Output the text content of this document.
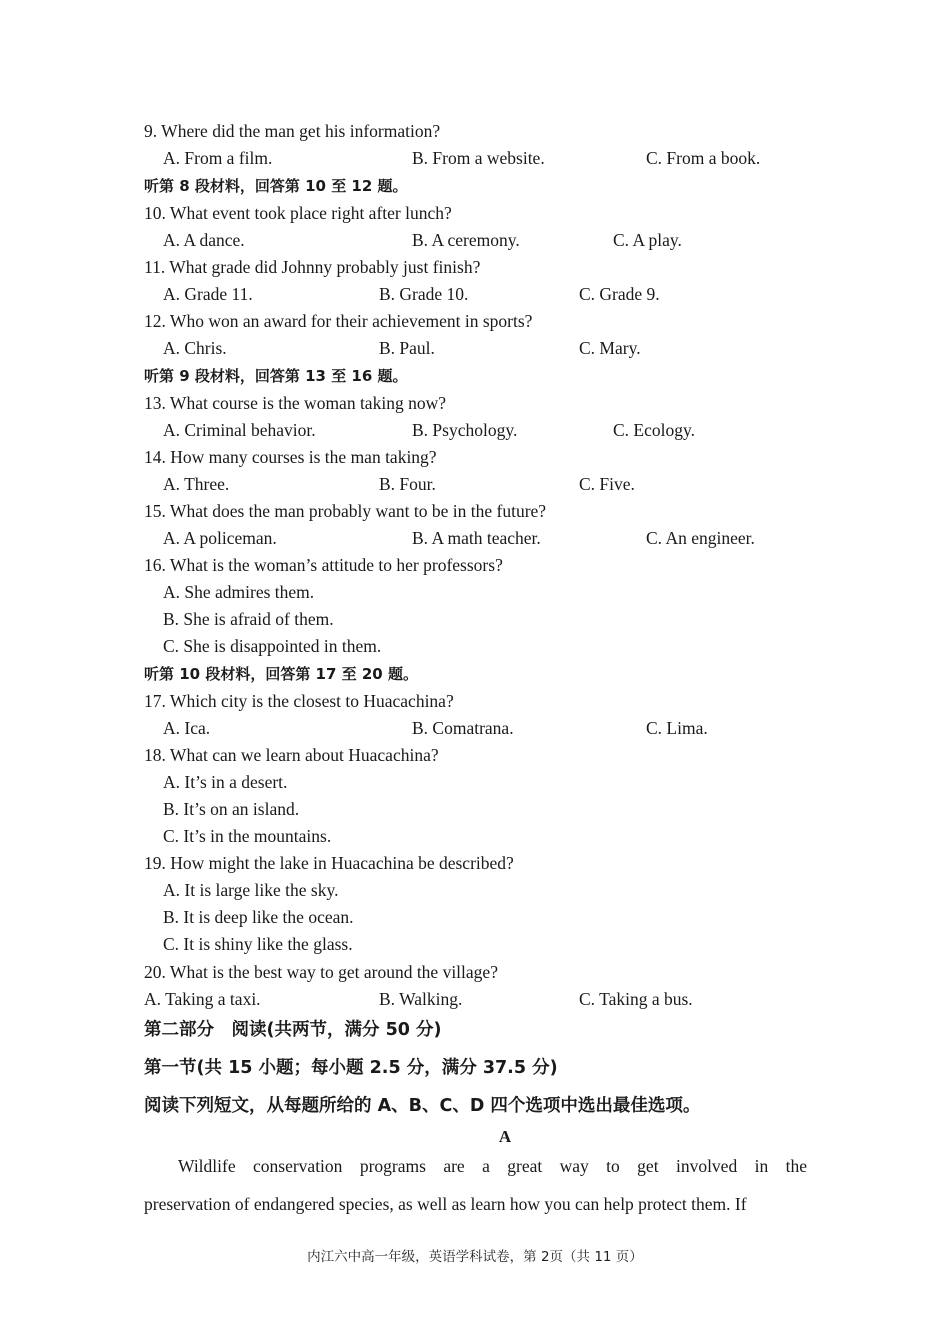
9. Where did the man get his information?
A. From a film.	B. From a website.	C. From a book.
听第 8 段材料，回答第 10 至 12 题。
10. What event took place right after lunch?
A. A dance.	B. A ceremony.	C. A play.
11. What grade did Johnny probably just finish?
A. Grade 11.	B. Grade 10.	C. Grade 9.
12. Who won an award for their achievement in sports?
A. Chris.	B. Paul.	C. Mary.
听第 9 段材料，回答第 13 至 16 题。
13. What course is the woman taking now?
A. Criminal behavior.	B. Psychology.	C. Ecology.
14. How many courses is the man taking?
A. Three.	B. Four.	C. Five.
15. What does the man probably want to be in the future?
A. A policeman.	B. A math teacher.	C. An engineer.
16. What is the woman’s attitude to her professors?
A. She admires them.
B. She is afraid of them.
C. She is disappointed in them.
听第 10 段材料，回答第 17 至 20 题。
17. Which city is the closest to Huacachina?
A. Ica.	B. Comatrana.	C. Lima.
18. What can we learn about Huacachina?
A. It’s in a desert.
B. It’s on an island.
C. It’s in the mountains.
19. How might the lake in Huacachina be described?
A. It is large like the sky.
B. It is deep like the ocean.
C. It is shiny like the glass.
20. What is the best way to get around the village?
A. Taking a taxi.	B. Walking.	C. Taking a bus.
第二部分　阅读(共两节，满分 50 分)
第一节(共 15 小题；每小题 2.5 分，满分 37.5 分)
阅读下列短文，从每题所给的 A、B、C、D 四个选项中选出最佳选项。
A
Wildlife conservation programs are a great way to get involved in the
preservation of endangered species, as well as learn how you can help protect them. If
内江六中高一年级，英语学科试卷，第 2页（共 11 页）
